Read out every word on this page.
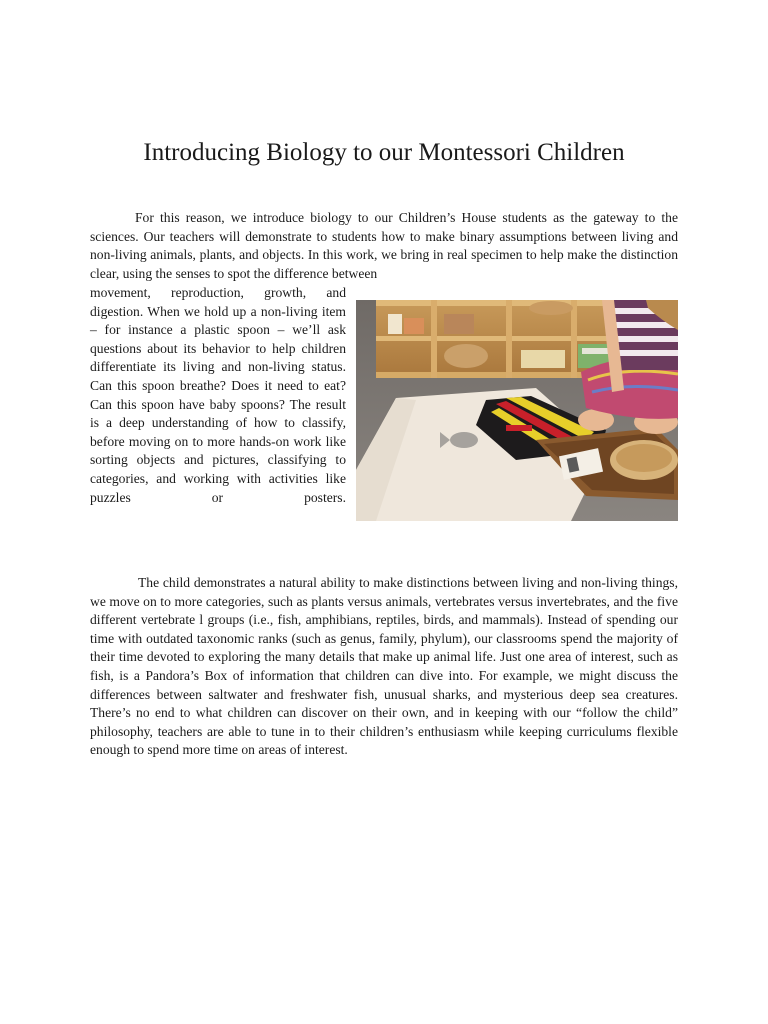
Introducing Biology to our Montessori Children

For this reason, we introduce biology to our Children’s House students as the gateway to the sciences. Our teachers will demonstrate to students how to make binary assumptions between living and non-living animals, plants, and objects. In this work, we bring in real specimen to help make the distinction clear, using the senses to spot the difference between

movement, reproduction, growth, and digestion. When we hold up a non-living item – for instance a plastic spoon – we’ll ask questions about its behavior to help children differentiate its living and non-living status. Can this spoon breathe? Does it need to eat? Can this spoon have baby spoons? The result is a deep understanding of how to classify, before moving on to more hands-on work like sorting objects and pictures, classifying to categories, and working with activities like puzzles or posters.

The child demonstrates a natural ability to make distinctions between living and non-living things, we move on to more categories, such as plants versus animals, vertebrates versus invertebrates, and the five different vertebrate l groups (i.e., fish, amphibians, reptiles, birds, and mammals). Instead of spending our time with outdated taxonomic ranks (such as genus, family, phylum), our classrooms spend the majority of their time devoted to exploring the many details that make up animal life. Just one area of interest, such as fish, is a Pandora’s Box of information that children can dive into. For example, we might discuss the differences between saltwater and freshwater fish, unusual sharks, and mysterious deep sea creatures. There’s no end to what children can discover on their own, and in keeping with our “follow the child” philosophy, teachers are able to tune in to their children’s enthusiasm while keeping curriculums flexible enough to spend more time on areas of interest.
